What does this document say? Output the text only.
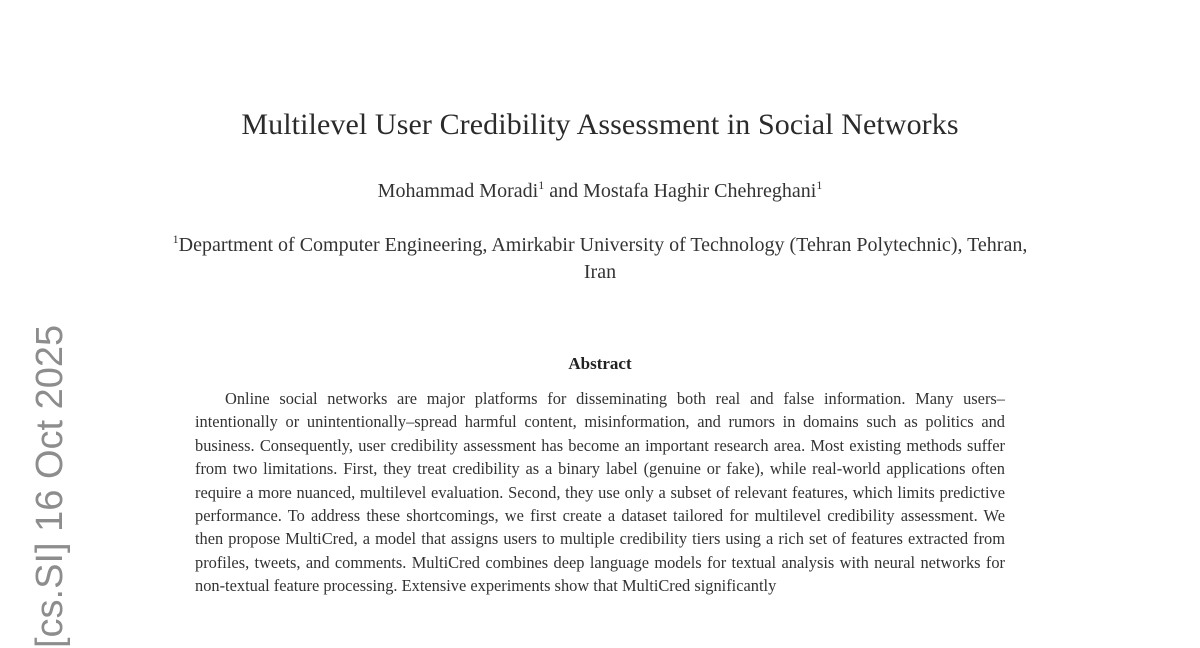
[cs.SI] 16 Oct 2025
Multilevel User Credibility Assessment in Social Networks
Mohammad Moradi$^1$ and Mostafa Haghir Chehreghani$^1$
$^1$Department of Computer Engineering, Amirkabir University of Technology (Tehran Polytechnic), Tehran, Iran
Abstract
Online social networks are major platforms for disseminating both real and false information. Many users–intentionally or unintentionally–spread harmful content, misinformation, and rumors in domains such as politics and business. Consequently, user credibility assessment has become an important research area. Most existing methods suffer from two limitations. First, they treat credibility as a binary label (genuine or fake), while real-world applications often require a more nuanced, multilevel evaluation. Second, they use only a subset of relevant features, which limits predictive performance. To address these shortcomings, we first create a dataset tailored for multilevel credibility assessment. We then propose MultiCred, a model that assigns users to multiple credibility tiers using a rich set of features extracted from profiles, tweets, and comments. MultiCred combines deep language models for textual analysis with neural networks for non-textual feature processing. Extensive experiments show that MultiCred significantly
